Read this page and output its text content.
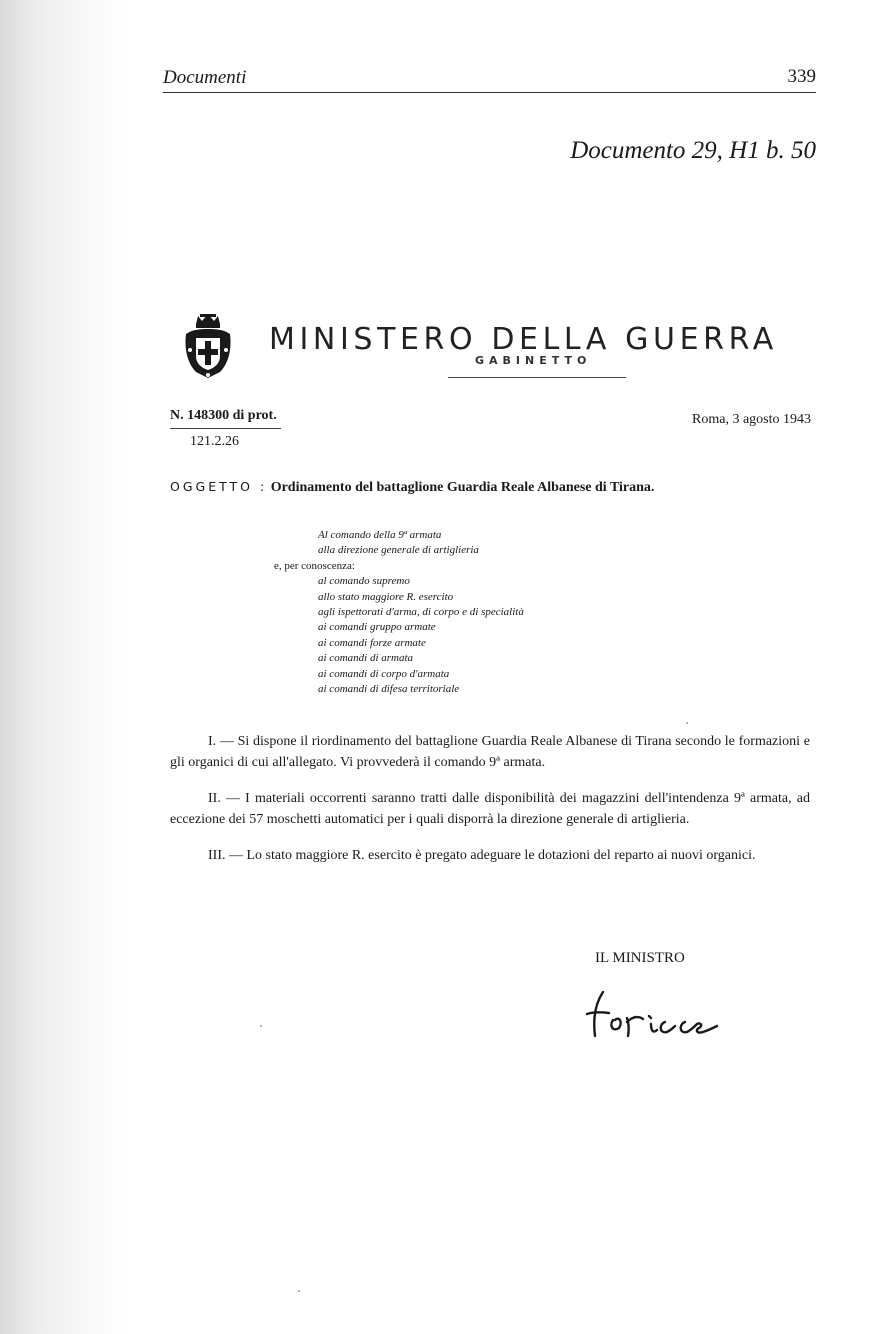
Documenti	339
Documento 29, H1 b. 50
MINISTERO DELLA GUERRA
GABINETTO
N. 148300 di prot.
121.2.26
Roma, 3 agosto 1943
OGGETTO : Ordinamento del battaglione Guardia Reale Albanese di Tirana.
Al comando della 9ª armata
alla direzione generale di artiglieria
e, per conoscenza:
al comando supremo
allo stato maggiore R. esercito
agli ispettorati d'arma, di corpo e di specialità
ai comandi gruppo armate
ai comandi forze armate
ai comandi di armata
ai comandi di corpo d'armata
ai comandi di difesa territoriale

I. — Si dispone il riordinamento del battaglione Guardia Reale Albanese di Tirana secondo le formazioni e gli organici di cui all'allegato. Vi provvederà il comando 9ª armata.

II. — I materiali occorrenti saranno tratti dalle disponibilità dei magazzini dell'intendenza 9ª armata, ad eccezione dei 57 moschetti automatici per i quali disporrà la direzione generale di artiglieria.

III. — Lo stato maggiore R. esercito è pregato adeguare le dotazioni del reparto ai nuovi organici.

IL MINISTRO
